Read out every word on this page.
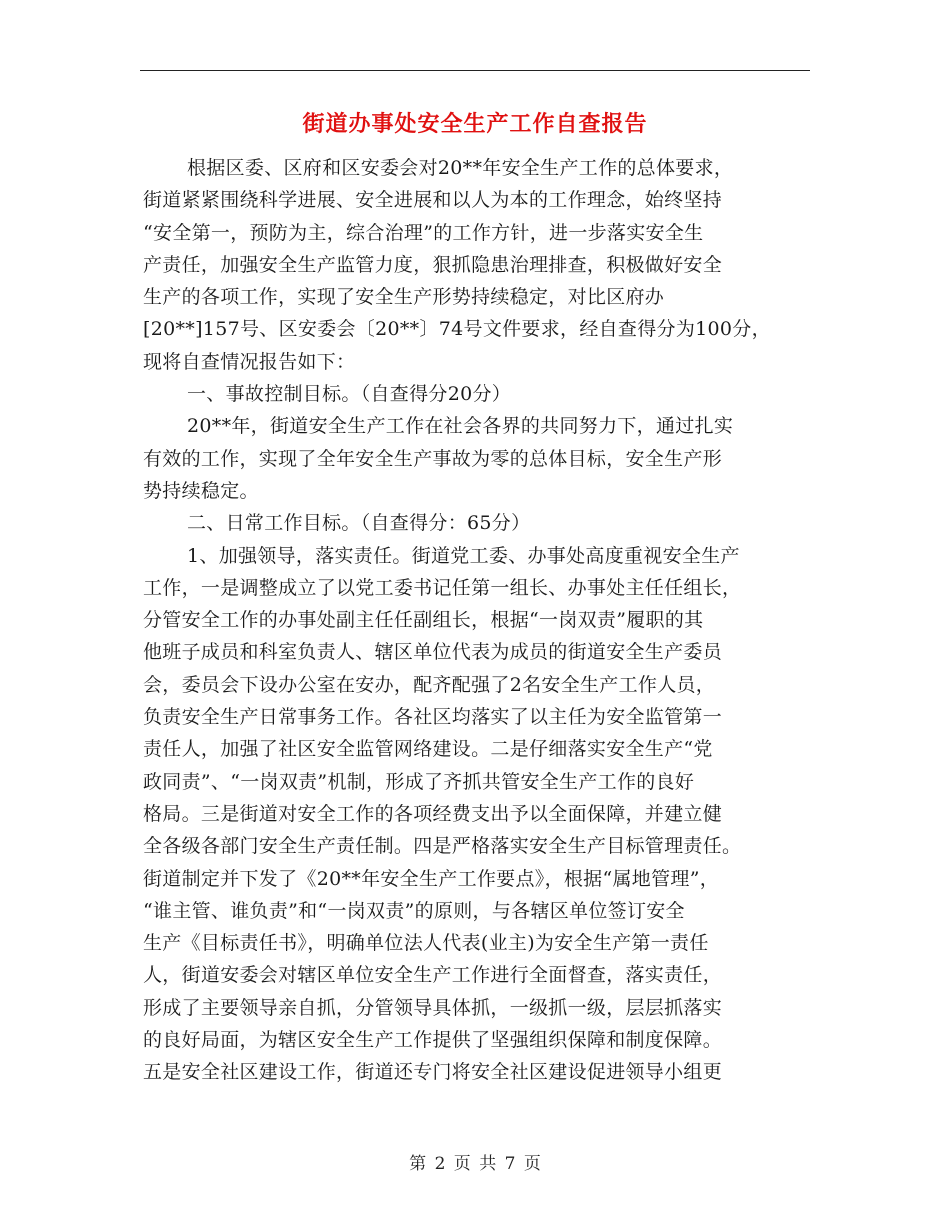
街道办事处安全生产工作自查报告
根据区委、区府和区安委会对20**年安全生产工作的总体要求，
街道紧紧围绕科学进展、安全进展和以人为本的工作理念，始终坚持
“安全第一，预防为主，综合治理”的工作方针，进一步落实安全生
产责任，加强安全生产监管力度，狠抓隐患治理排查，积极做好安全
生产的各项工作，实现了安全生产形势持续稳定，对比区府办
[20**]157号、区安委会〔20**〕74号文件要求，经自查得分为100分，
现将自查情况报告如下：
一、事故控制目标。（自查得分20分）
20**年，街道安全生产工作在社会各界的共同努力下，通过扎实
有效的工作，实现了全年安全生产事故为零的总体目标，安全生产形
势持续稳定。
二、日常工作目标。（自查得分：65分）
1、加强领导，落实责任。街道党工委、办事处高度重视安全生产
工作，一是调整成立了以党工委书记任第一组长、办事处主任任组长，
分管安全工作的办事处副主任任副组长，根据“一岗双责”履职的其
他班子成员和科室负责人、辖区单位代表为成员的街道安全生产委员
会，委员会下设办公室在安办，配齐配强了2名安全生产工作人员，
负责安全生产日常事务工作。各社区均落实了以主任为安全监管第一
责任人，加强了社区安全监管网络建设。二是仔细落实安全生产“党
政同责”、“一岗双责”机制，形成了齐抓共管安全生产工作的良好
格局。三是街道对安全工作的各项经费支出予以全面保障，并建立健
全各级各部门安全生产责任制。四是严格落实安全生产目标管理责任。
街道制定并下发了《20**年安全生产工作要点》，根据“属地管理”，
“谁主管、谁负责”和“一岗双责”的原则，与各辖区单位签订安全
生产《目标责任书》，明确单位法人代表(业主)为安全生产第一责任
人，街道安委会对辖区单位安全生产工作进行全面督查，落实责任，
形成了主要领导亲自抓，分管领导具体抓，一级抓一级，层层抓落实
的良好局面，为辖区安全生产工作提供了坚强组织保障和制度保障。
五是安全社区建设工作，街道还专门将安全社区建设促进领导小组更
第 2 页 共 7 页
